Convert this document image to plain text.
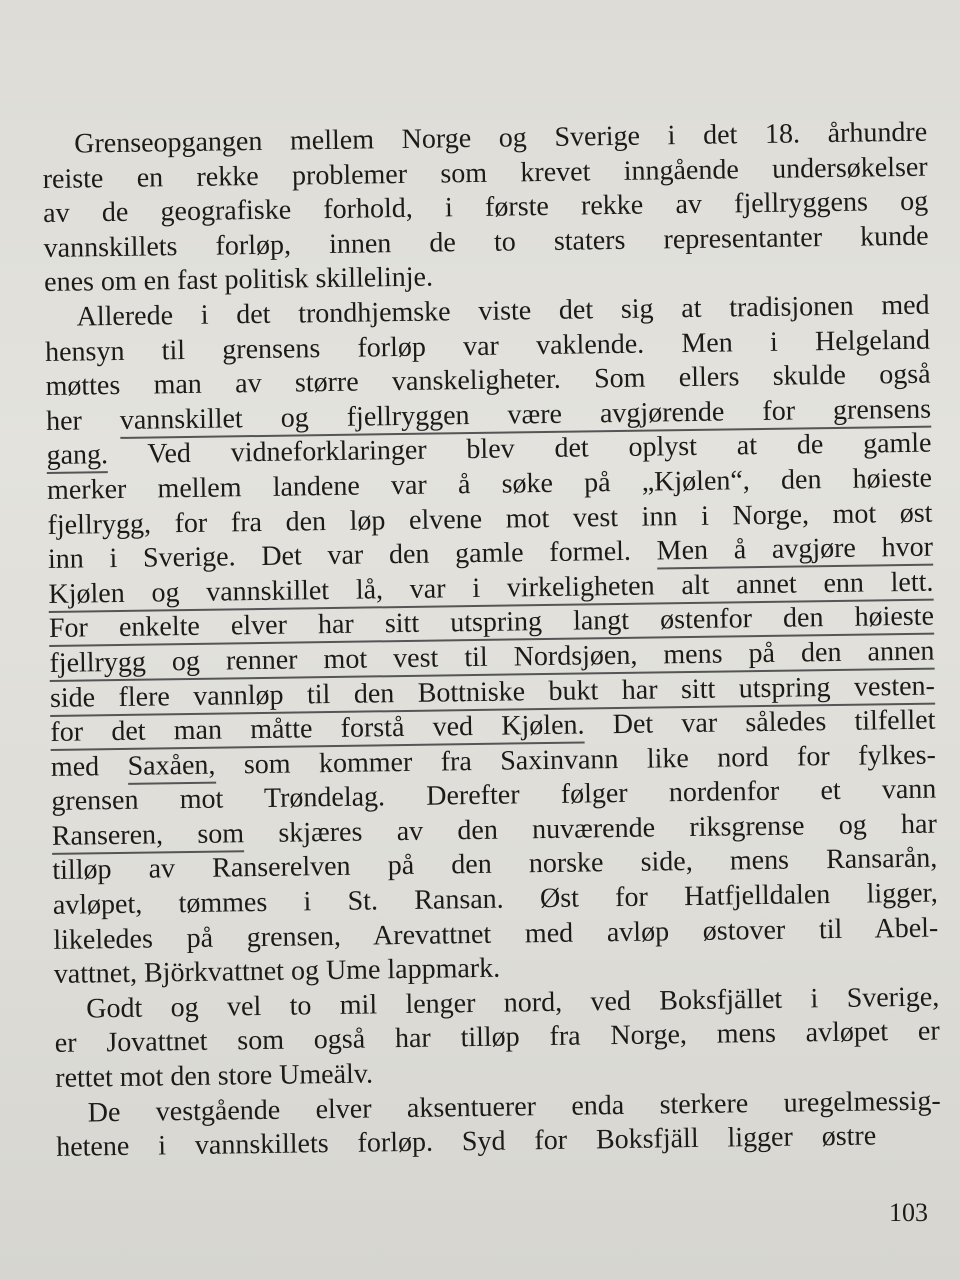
Grenseopgangen mellem Norge og Sverige i det 18. århundre
reiste en rekke problemer som krevet inngående undersøkelser
av de geografiske forhold, i første rekke av fjellryggens og
vannskillets forløp, innen de to staters representanter kunde
enes om en fast politisk skillelinje.
Allerede i det trondhjemske viste det sig at tradisjonen med
hensyn til grensens forløp var vaklende. Men i Helgeland
møttes man av større vanskeligheter. Som ellers skulde også
her vannskillet og fjellryggen være avgjørende for grensens
gang. Ved vidneforklaringer blev det oplyst at de gamle
merker mellem landene var å søke på „Kjølen“, den høieste
fjellrygg, for fra den løp elvene mot vest inn i Norge, mot øst
inn i Sverige. Det var den gamle formel. Men å avgjøre hvor
Kjølen og vannskillet lå, var i virkeligheten alt annet enn lett.
For enkelte elver har sitt utspring langt østenfor den høieste
fjellrygg og renner mot vest til Nordsjøen, mens på den annen
side flere vannløp til den Bottniske bukt har sitt utspring vesten-
for det man måtte forstå ved Kjølen. Det var således tilfellet
med Saxåen, som kommer fra Saxinvann like nord for fylkes-
grensen mot Trøndelag. Derefter følger nordenfor et vann
Ranseren, som skjæres av den nuværende riksgrense og har
tilløp av Ranserelven på den norske side, mens Ransarån,
avløpet, tømmes i St. Ransan. Øst for Hatfjelldalen ligger,
likeledes på grensen, Arevattnet med avløp østover til Abel-
vattnet, Björkvattnet og Ume lappmark.
Godt og vel to mil lenger nord, ved Boksfjället i Sverige,
er Jovattnet som også har tilløp fra Norge, mens avløpet er
rettet mot den store Umeälv.
De vestgående elver aksentuerer enda sterkere uregelmessig-
hetene i vannskillets forløp. Syd for Boksfjäll ligger østre
103
